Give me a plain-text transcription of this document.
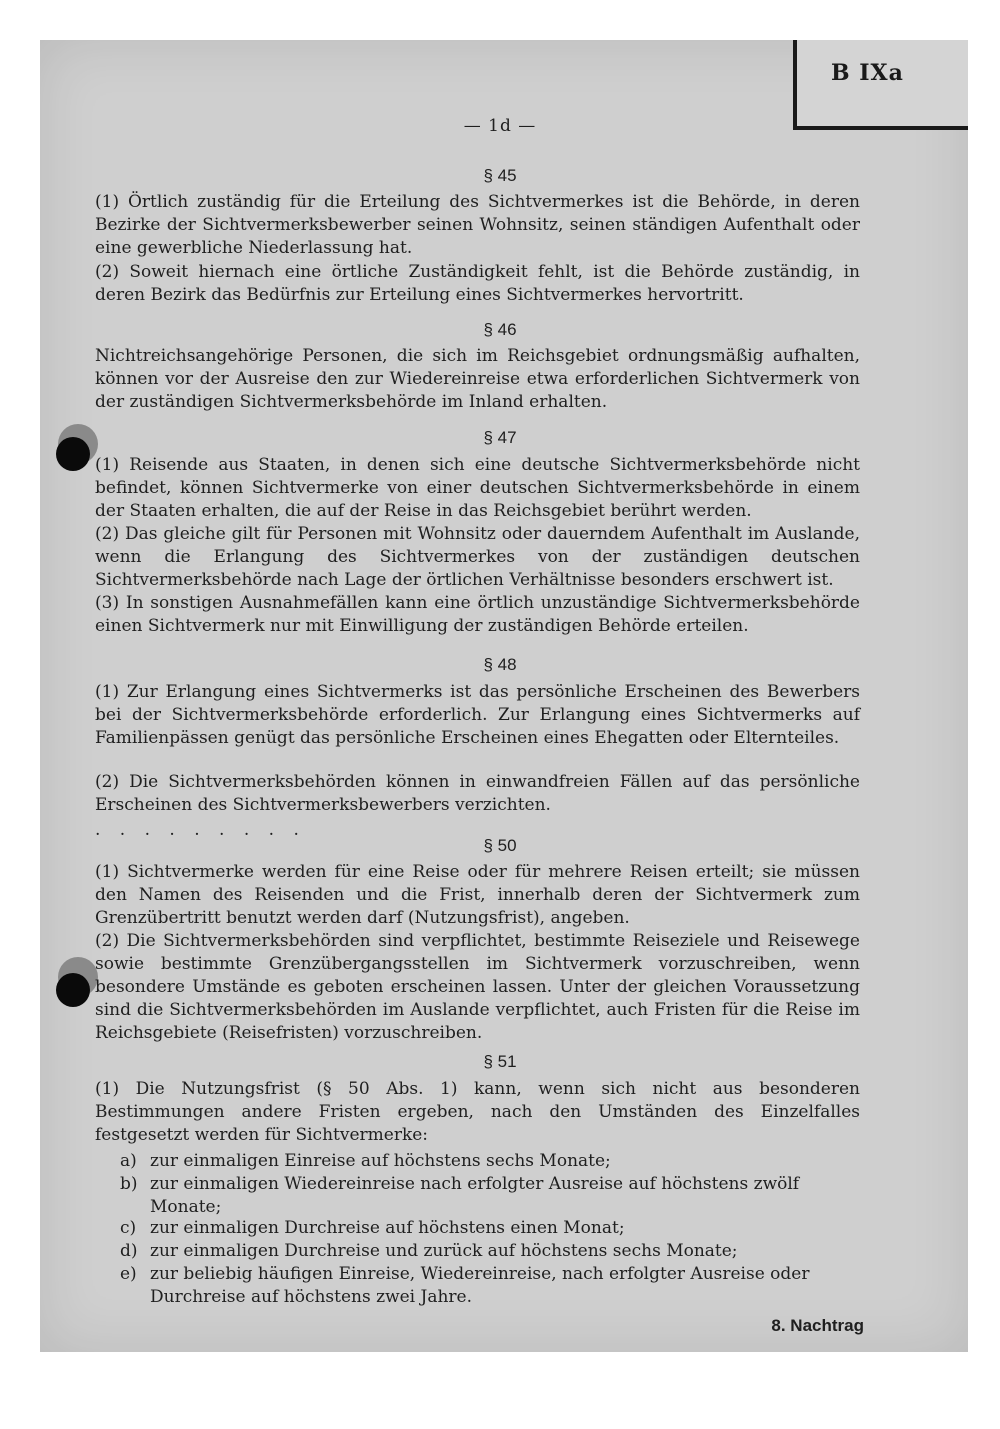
B IXa
— 1d —
§ 45
(1) Örtlich zuständig für die Erteilung des Sichtvermerkes ist die Behörde, in deren Bezirke der Sichtvermerksbewerber seinen Wohnsitz, seinen ständigen Aufenthalt oder eine gewerbliche Niederlassung hat.
(2) Soweit hiernach eine örtliche Zuständigkeit fehlt, ist die Behörde zuständig, in deren Bezirk das Bedürfnis zur Erteilung eines Sichtvermerkes hervortritt.
§ 46
Nichtreichsangehörige Personen, die sich im Reichsgebiet ordnungsmäßig aufhalten, können vor der Ausreise den zur Wiedereinreise etwa erforderlichen Sichtvermerk von der zuständigen Sichtvermerksbehörde im Inland erhalten.
§ 47
(1) Reisende aus Staaten, in denen sich eine deutsche Sichtvermerksbehörde nicht befindet, können Sichtvermerke von einer deutschen Sichtvermerksbehörde in einem der Staaten erhalten, die auf der Reise in das Reichsgebiet berührt werden.
(2) Das gleiche gilt für Personen mit Wohnsitz oder dauerndem Aufenthalt im Auslande, wenn die Erlangung des Sichtvermerkes von der zuständigen deutschen Sichtvermerksbehörde nach Lage der örtlichen Verhältnisse besonders erschwert ist.
(3) In sonstigen Ausnahmefällen kann eine örtlich unzuständige Sichtvermerksbehörde einen Sichtvermerk nur mit Einwilligung der zuständigen Behörde erteilen.
§ 48
(1) Zur Erlangung eines Sichtvermerks ist das persönliche Erscheinen des Bewerbers bei der Sichtvermerksbehörde erforderlich. Zur Erlangung eines Sichtvermerks auf Familienpässen genügt das persönliche Erscheinen eines Ehegatten oder Elternteiles.
(2) Die Sichtvermerksbehörden können in einwandfreien Fällen auf das persönliche Erscheinen des Sichtvermerksbewerbers verzichten.
. . . . . . . . .
§ 50
(1) Sichtvermerke werden für eine Reise oder für mehrere Reisen erteilt; sie müssen den Namen des Reisenden und die Frist, innerhalb deren der Sichtvermerk zum Grenzübertritt benutzt werden darf (Nutzungsfrist), angeben.
(2) Die Sichtvermerksbehörden sind verpflichtet, bestimmte Reiseziele und Reisewege sowie bestimmte Grenzübergangsstellen im Sichtvermerk vorzuschreiben, wenn besondere Umstände es geboten erscheinen lassen. Unter der gleichen Voraussetzung sind die Sichtvermerksbehörden im Auslande verpflichtet, auch Fristen für die Reise im Reichsgebiete (Reisefristen) vorzuschreiben.
§ 51
(1) Die Nutzungsfrist (§ 50 Abs. 1) kann, wenn sich nicht aus besonderen Bestimmungen andere Fristen ergeben, nach den Umständen des Einzelfalles festgesetzt werden für Sichtvermerke:
a) zur einmaligen Einreise auf höchstens sechs Monate;
b) zur einmaligen Wiedereinreise nach erfolgter Ausreise auf höchstens zwölf Monate;
c) zur einmaligen Durchreise auf höchstens einen Monat;
d) zur einmaligen Durchreise und zurück auf höchstens sechs Monate;
e) zur beliebig häufigen Einreise, Wiedereinreise, nach erfolgter Ausreise oder Durchreise auf höchstens zwei Jahre.
8. Nachtrag
